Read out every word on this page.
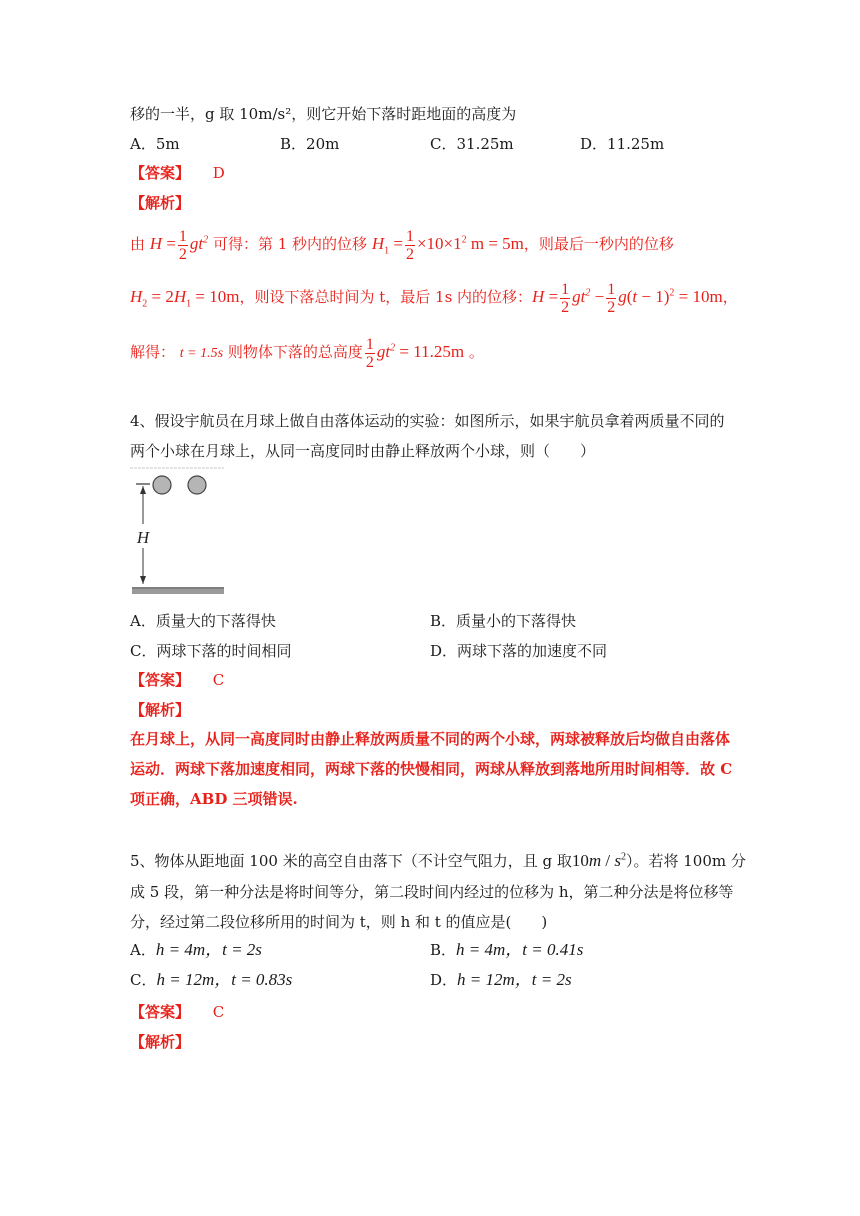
移的一半，g 取 10m/s²，则它开始下落时距地面的高度为
A．5m	B．20m	C．31.25m	D．11.25m
【答案】 D
【解析】
由 $H = \frac{1}{2} gt^2$ 可得：第 1 秒内的位移 $H_1 = \frac{1}{2} \times 10\times 1^2$ m = 5m，则最后一秒内的位移
$H_2 = 2H_1 = 10m$，则设下落总时间为 t，最后 1s 内的位移：$H = \frac{1}{2} gt^2 - \frac{1}{2} g(t - 1)^2 = 10m$，
解得： t = 1.5s 则物体下落的总高度 $\frac{1}{2} gt^2 = 11.25m$ 。
4、假设宇航员在月球上做自由落体运动的实验：如图所示，如果宇航员拿着两质量不同的
两个小球在月球上，从同一高度同时由静止释放两个小球，则（　　）
H
A．质量大的下落得快	B．质量小的下落得快
C．两球下落的时间相同	D．两球下落的加速度不同
【答案】 C
【解析】
在月球上，从同一高度同时由静止释放两质量不同的两个小球，两球被释放后均做自由落体
运动．两球下落加速度相同，两球下落的快慢相同，两球从释放到落地所用时间相等．故 C
项正确，ABD 三项错误.
5、物体从距地面 100 米的高空自由落下（不计空气阻力，且 g 取$10m / s^2$）。若将 100m 分
成 5 段，第一种分法是将时间等分，第二段时间内经过的位移为 h，第二种分法是将位移等
分，经过第二段位移所用的时间为 t，则 h 和 t 的值应是(　　)
A．h = 4m，t = 2s	B．h = 4m，t = 0.41s
C．h = 12m，t = 0.83s	D．h = 12m，t = 2s
【答案】 C
【解析】
